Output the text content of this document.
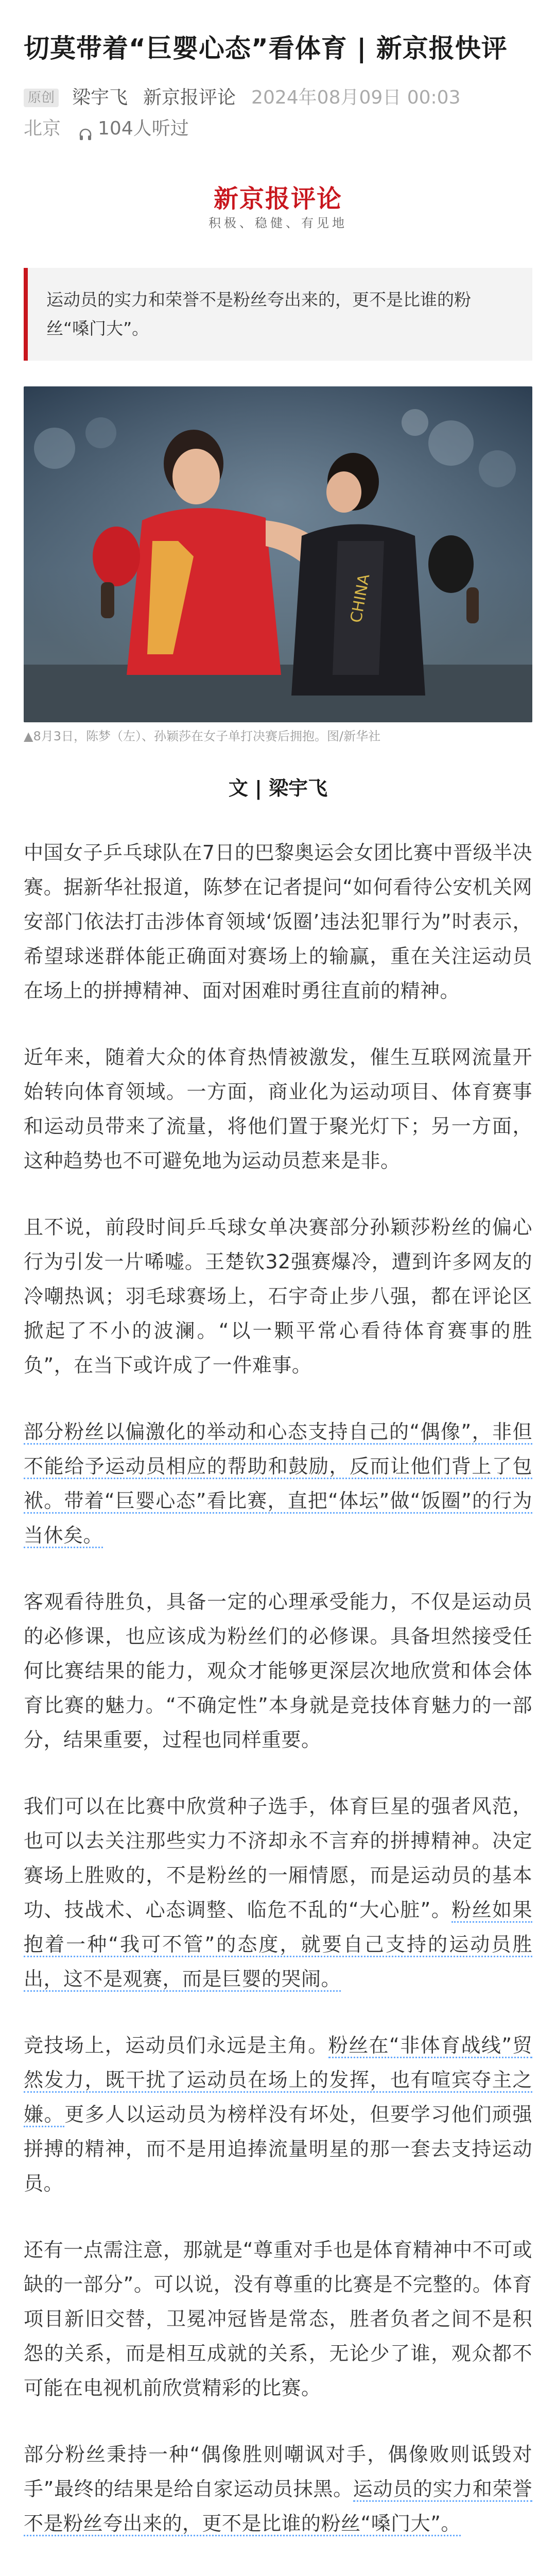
切莫带着“巨婴心态”看体育 | 新京报快评
原创 梁宇飞 新京报评论 2024年08月09日 00:03
北京 104人听过
新京报评论
积极、稳健、有见地
运动员的实力和荣誉不是粉丝夸出来的，更不是比谁的粉丝“嗓门大”。
CHINA
▲8月3日，陈梦（左）、孙颖莎在女子单打决赛后拥抱。图/新华社
文 | 梁宇飞

中国女子乒乓球队在7日的巴黎奥运会女团比赛中晋级半决赛。据新华社报道，陈梦在记者提问“如何看待公安机关网安部门依法打击涉体育领域‘饭圈’违法犯罪行为”时表示，希望球迷群体能正确面对赛场上的输赢，重在关注运动员在场上的拼搏精神、面对困难时勇往直前的精神。

近年来，随着大众的体育热情被激发，催生互联网流量开始转向体育领域。一方面，商业化为运动项目、体育赛事和运动员带来了流量，将他们置于聚光灯下；另一方面，这种趋势也不可避免地为运动员惹来是非。

且不说，前段时间乒乓球女单决赛部分孙颖莎粉丝的偏心行为引发一片唏嘘。王楚钦32强赛爆冷，遭到许多网友的冷嘲热讽；羽毛球赛场上，石宇奇止步八强，都在评论区掀起了不小的波澜。“以一颗平常心看待体育赛事的胜负”，在当下或许成了一件难事。

部分粉丝以偏激化的举动和心态支持自己的“偶像”，非但不能给予运动员相应的帮助和鼓励，反而让他们背上了包袱。带着“巨婴心态”看比赛，直把“体坛”做“饭圈”的行为当休矣。

客观看待胜负，具备一定的心理承受能力，不仅是运动员的必修课，也应该成为粉丝们的必修课。具备坦然接受任何比赛结果的能力，观众才能够更深层次地欣赏和体会体育比赛的魅力。“不确定性”本身就是竞技体育魅力的一部分，结果重要，过程也同样重要。

我们可以在比赛中欣赏种子选手，体育巨星的强者风范，也可以去关注那些实力不济却永不言弃的拼搏精神。决定赛场上胜败的，不是粉丝的一厢情愿，而是运动员的基本功、技战术、心态调整、临危不乱的“大心脏”。粉丝如果抱着一种“我可不管”的态度，就要自己支持的运动员胜出，这不是观赛，而是巨婴的哭闹。

竞技场上，运动员们永远是主角。粉丝在“非体育战线”贸然发力，既干扰了运动员在场上的发挥，也有喧宾夺主之嫌。更多人以运动员为榜样没有坏处，但要学习他们顽强拼搏的精神，而不是用追捧流量明星的那一套去支持运动员。

还有一点需注意，那就是“尊重对手也是体育精神中不可或缺的一部分”。可以说，没有尊重的比赛是不完整的。体育项目新旧交替，卫冕冲冠皆是常态，胜者负者之间不是积怨的关系，而是相互成就的关系，无论少了谁，观众都不可能在电视机前欣赏精彩的比赛。

部分粉丝秉持一种“偶像胜则嘲讽对手，偶像败则诋毁对手”最终的结果是给自家运动员抹黑。运动员的实力和荣誉不是粉丝夸出来的，更不是比谁的粉丝“嗓门大”。
